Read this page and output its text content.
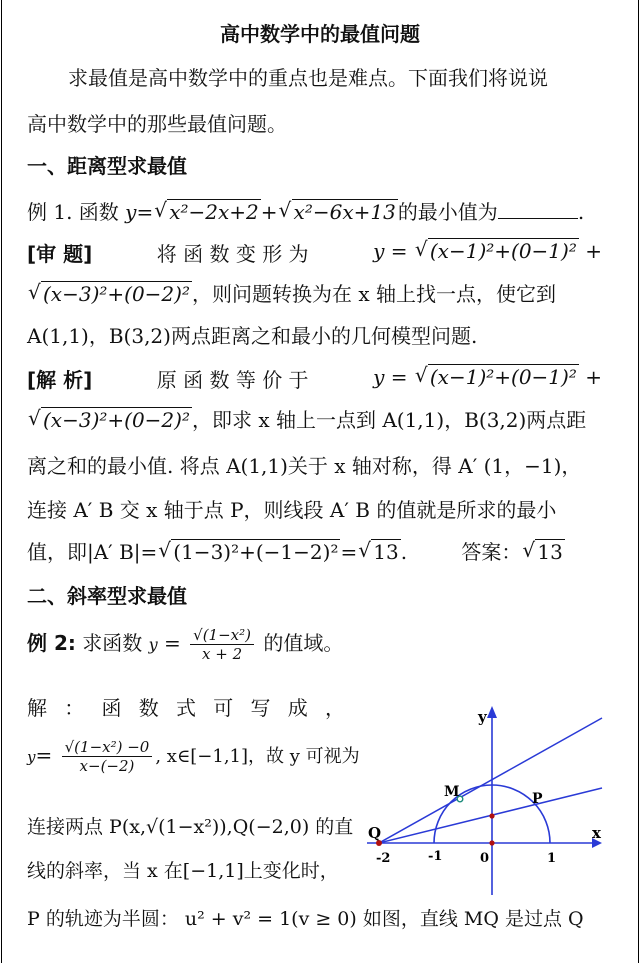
高中数学中的最值问题
求最值是高中数学中的重点也是难点。下面我们将说说
高中数学中的那些最值问题。
一、距离型求最值
例 1. 函数 y= √ x²−2x+2 + √ x²−6x+13 的最小值为	.
[审 题]	将 函 数 变 形 为	y = √ (x−1)²+(0−1)² +
√ (x−3)²+(0−2)² ，则问题转换为在 x 轴上找一点，使它到
A(1,1)，B(3,2)两点距离之和最小的几何模型问题.
[解 析]	原 函 数 等 价 于	y = √ (x−1)²+(0−1)² +
√ (x−3)²+(0−2)² ，即求 x 轴上一点到 A(1,1)，B(3,2)两点距
离之和的最小值. 将点 A(1,1)关于 x 轴对称，得 A′ (1，−1)，
连接 A′ B 交 x 轴于点 P，则线段 A′ B 的值就是所求的最小
值，即|A′ B|= √ (1−3)²+(−1−2)² = √ 13 . 答案： √ 13
二、斜率型求最值
例 2: 求函数 $y = \frac{\text{√(1−x²)}}{x + 2}$ 的值域。
解 ： 函 数 式 可 写 成 ，
$y= \frac{\text{√(1−x²) −0}}{x-(-2)}$ , x∈[−1,1]，故 y 可视为
连接两点 P(x,√(1−x²)),Q(−2,0) 的直
线的斜率，当 x 在[−1,1]上变化时，
P 的轨迹为半圆： u² + v² = 1(v ≥ 0) 如图，直线 MQ 是过点 Q
y
x
M	P
Q
-2	-1	0	1
